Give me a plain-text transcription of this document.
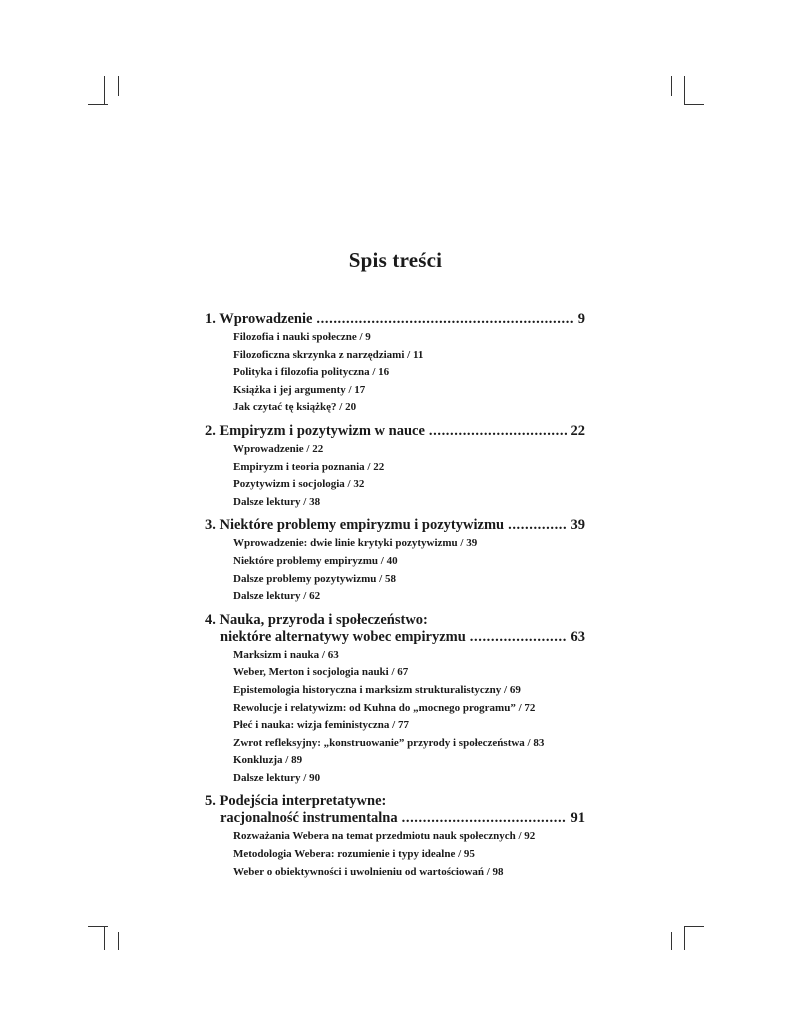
Spis treści
1. Wprowadzenie .....	9
Filozofia i nauki społeczne / 9
Filozoficzna skrzynka z narzędziami / 11
Polityka i filozofia polityczna / 16
Książka i jej argumenty / 17
Jak czytać tę książkę? / 20
2. Empiryzm i pozytywizm w nauce .....	22
Wprowadzenie / 22
Empiryzm i teoria poznania / 22
Pozytywizm i socjologia / 32
Dalsze lektury / 38
3. Niektóre problemy empiryzmu i pozytywizmu .....	39
Wprowadzenie: dwie linie krytyki pozytywizmu / 39
Niektóre problemy empiryzmu / 40
Dalsze problemy pozytywizmu / 58
Dalsze lektury / 62
4. Nauka, przyroda i społeczeństwo:
niektóre alternatywy wobec empiryzmu .....	63
Marksizm i nauka / 63
Weber, Merton i socjologia nauki / 67
Epistemologia historyczna i marksizm strukturalistyczny / 69
Rewolucje i relatywizm: od Kuhna do „mocnego programu” / 72
Płeć i nauka: wizja feministyczna / 77
Zwrot refleksyjny: „konstruowanie” przyrody i społeczeństwa / 83
Konkluzja / 89
Dalsze lektury / 90
5. Podejścia interpretatywne:
racjonalność instrumentalna .....	91
Rozważania Webera na temat przedmiotu nauk społecznych / 92
Metodologia Webera: rozumienie i typy idealne / 95
Weber o obiektywności i uwolnieniu od wartościowań / 98
